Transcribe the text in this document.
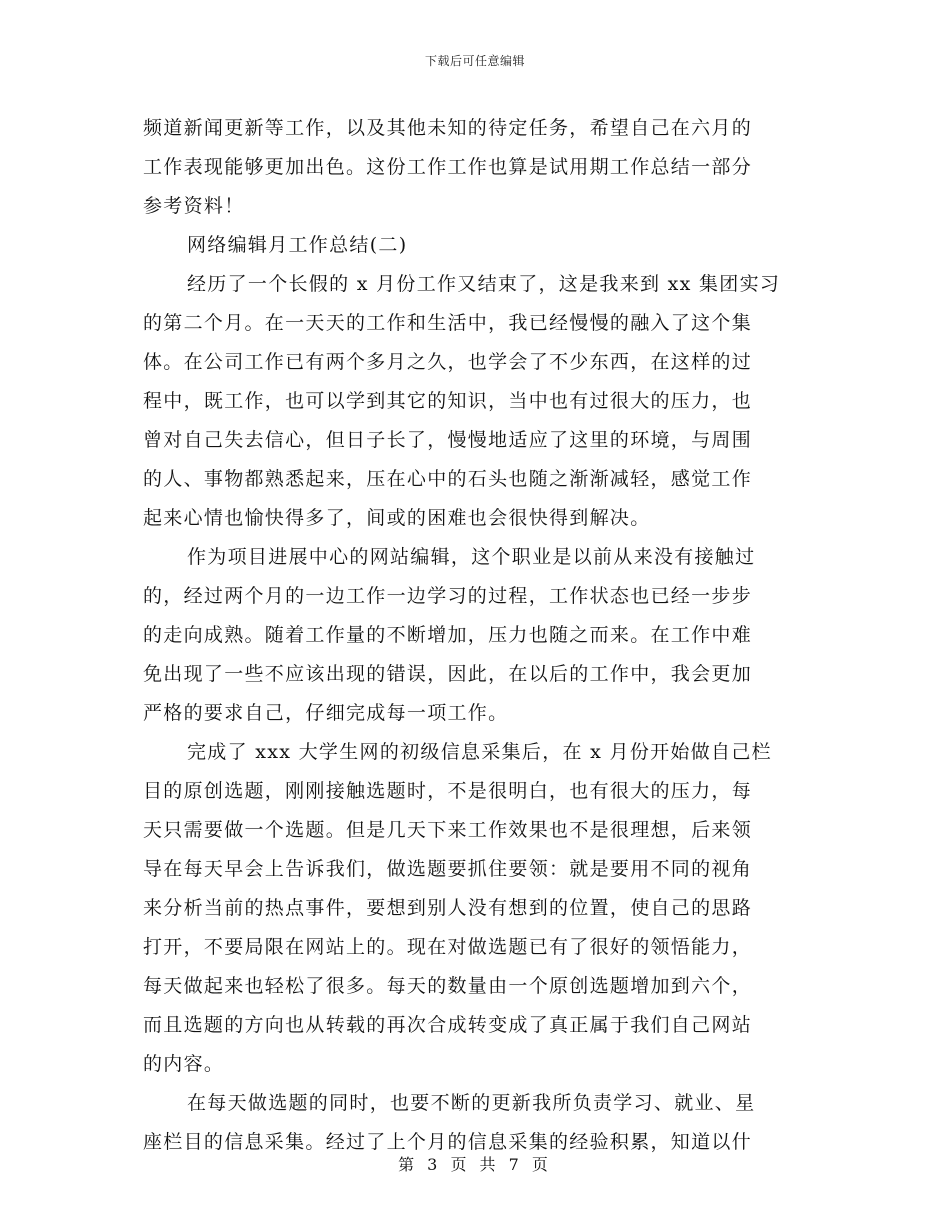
下载后可任意编辑
频道新闻更新等工作，以及其他未知的待定任务，希望自己在六月的
工作表现能够更加出色。这份工作工作也算是试用期工作总结一部分
参考资料！
网络编辑月工作总结(二)
经历了一个长假的 x 月份工作又结束了，这是我来到 xx 集团实习
的第二个月。在一天天的工作和生活中，我已经慢慢的融入了这个集
体。在公司工作已有两个多月之久，也学会了不少东西，在这样的过
程中，既工作，也可以学到其它的知识，当中也有过很大的压力，也
曾对自己失去信心，但日子长了，慢慢地适应了这里的环境，与周围
的人、事物都熟悉起来，压在心中的石头也随之渐渐减轻，感觉工作
起来心情也愉快得多了，间或的困难也会很快得到解决。
作为项目进展中心的网站编辑，这个职业是以前从来没有接触过
的，经过两个月的一边工作一边学习的过程，工作状态也已经一步步
的走向成熟。随着工作量的不断增加，压力也随之而来。在工作中难
免出现了一些不应该出现的错误，因此，在以后的工作中，我会更加
严格的要求自己，仔细完成每一项工作。
完成了 xxx 大学生网的初级信息采集后，在 x 月份开始做自己栏
目的原创选题，刚刚接触选题时，不是很明白，也有很大的压力，每
天只需要做一个选题。但是几天下来工作效果也不是很理想，后来领
导在每天早会上告诉我们，做选题要抓住要领：就是要用不同的视角
来分析当前的热点事件，要想到别人没有想到的位置，使自己的思路
打开，不要局限在网站上的。现在对做选题已有了很好的领悟能力，
每天做起来也轻松了很多。每天的数量由一个原创选题增加到六个，
而且选题的方向也从转载的再次合成转变成了真正属于我们自己网站
的内容。
在每天做选题的同时，也要不断的更新我所负责学习、就业、星
座栏目的信息采集。经过了上个月的信息采集的经验积累，知道以什
第 3 页 共 7 页
